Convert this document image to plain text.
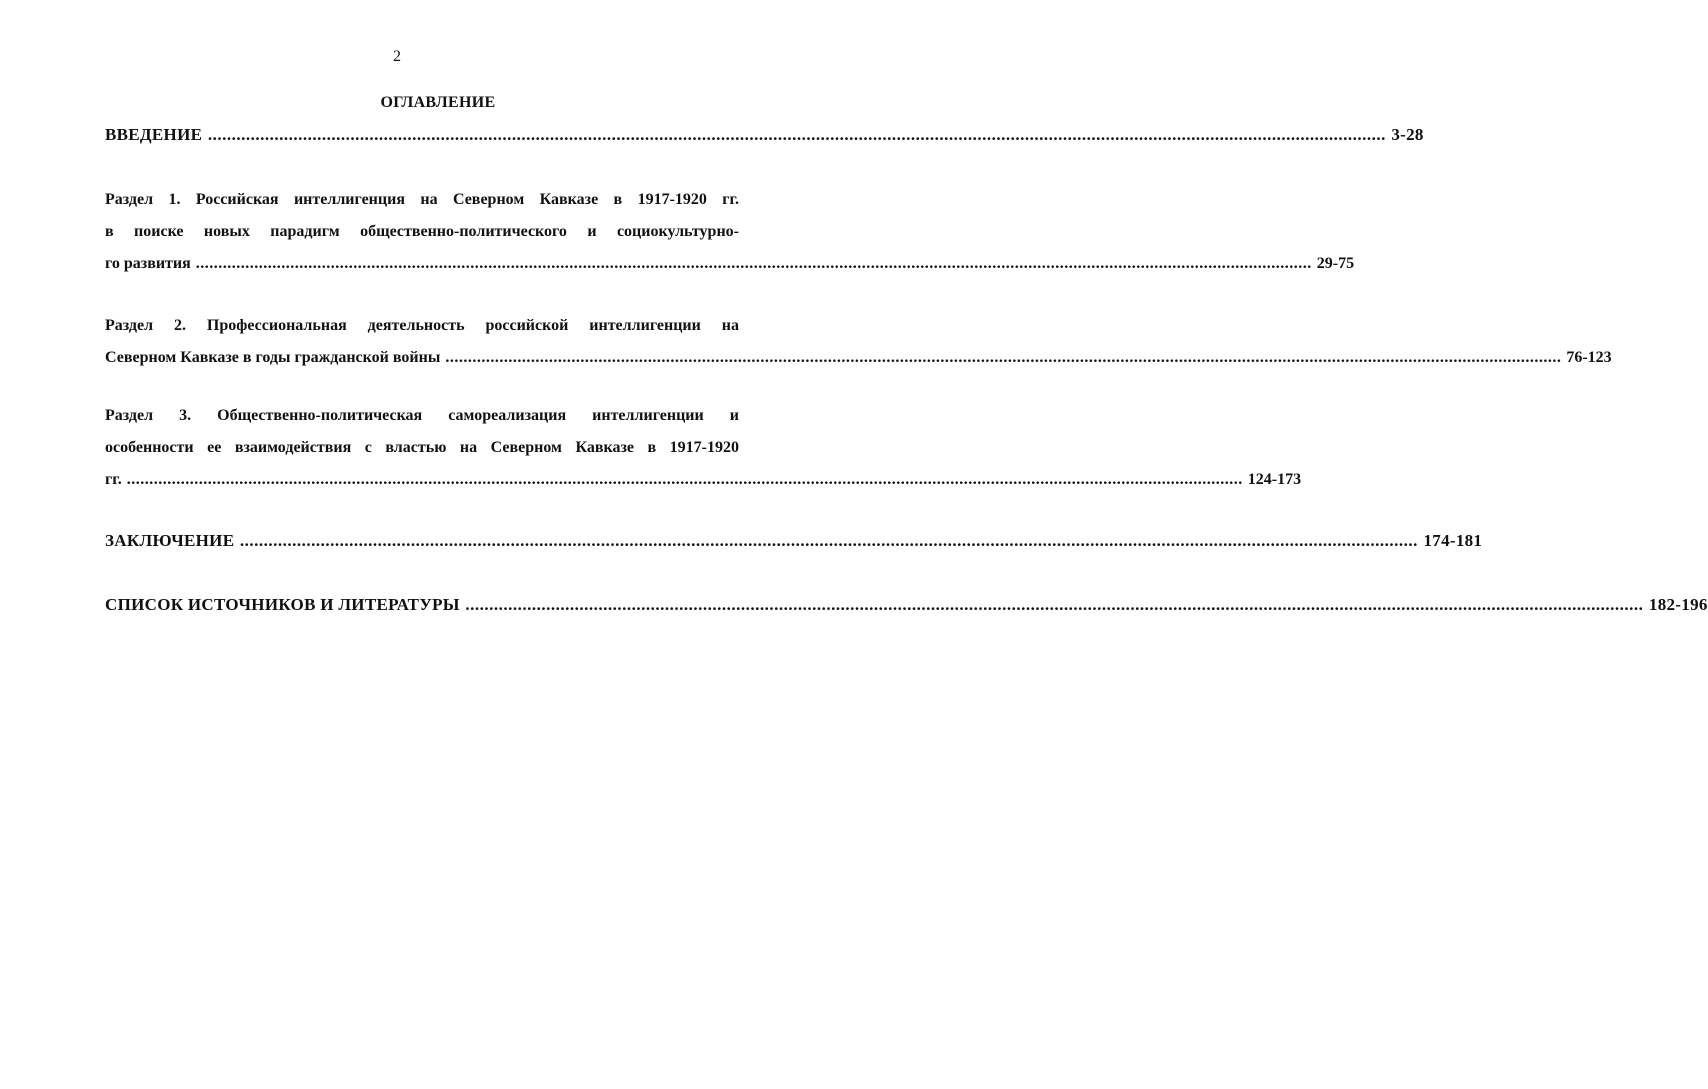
2
ОГЛАВЛЕНИЕ
ВВЕДЕНИЕ .....	3-28
Раздел 1. Российская интеллигенция на Северном Кавказе в 1917-1920 гг.
в поиске новых парадигм общественно-политического и социокультурно-
го развития .....	29-75
Раздел 2. Профессиональная деятельность российской интеллигенции на
Северном Кавказе в годы гражданской войны .....	76-123
Раздел 3. Общественно-политическая самореализация интеллигенции и
особенности ее взаимодействия с властью на Северном Кавказе в 1917-1920
гг. .....	124-173
ЗАКЛЮЧЕНИЕ .....	174-181
СПИСОК ИСТОЧНИКОВ И ЛИТЕРАТУРЫ .....	182-196
